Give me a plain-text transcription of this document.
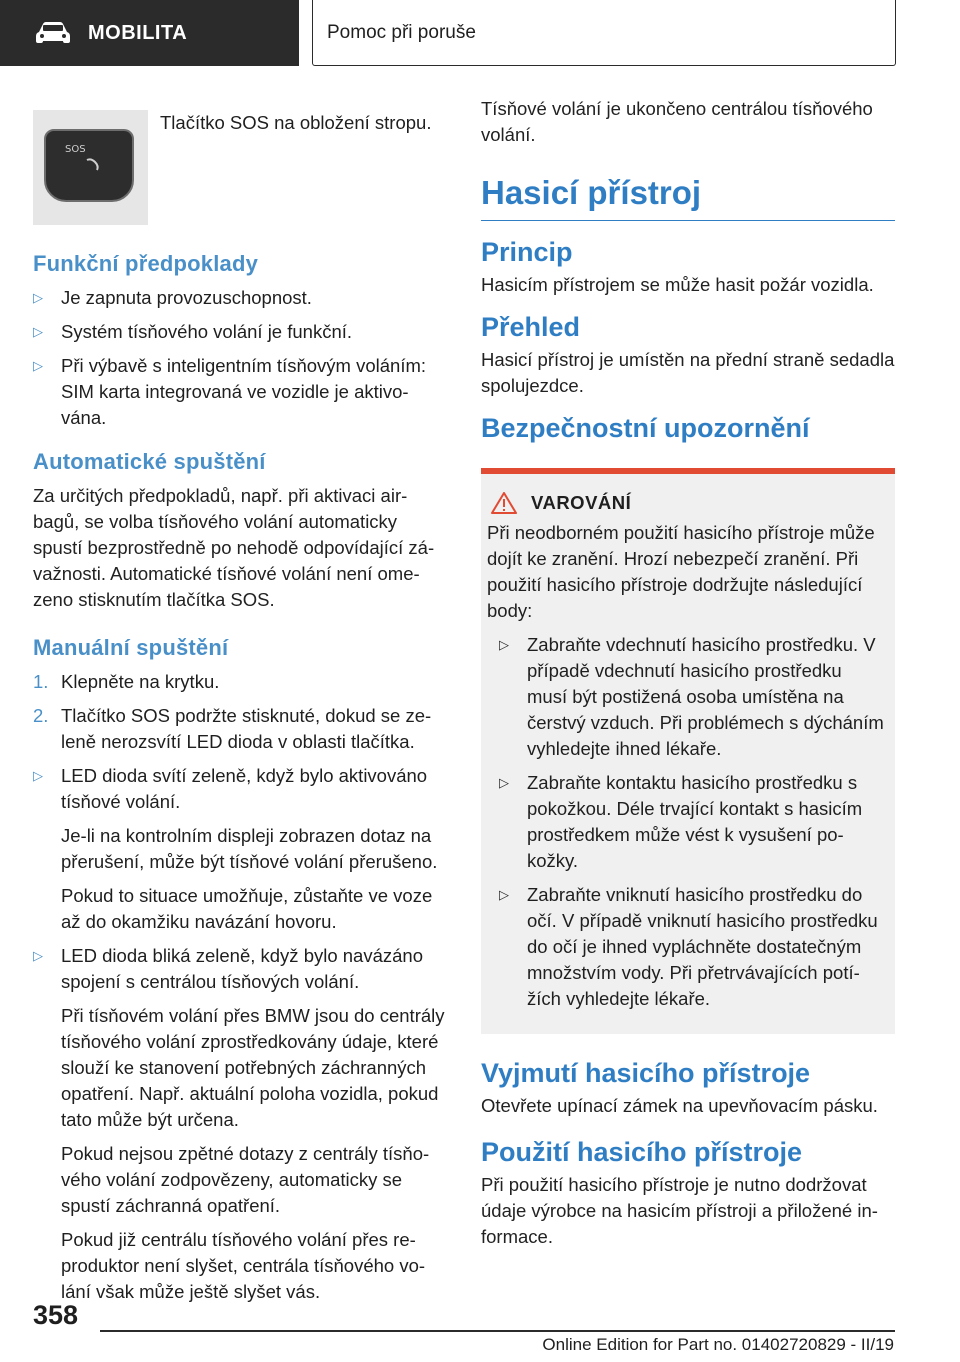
MOBILITA	Pomoc při poruše
SOS
Tlačítko SOS na obložení stropu.
Funkční předpoklady
▷ Je zapnuta provozuschopnost.
▷ Systém tísňového volání je funkční.
▷ Při výbavě s inteligentním tísňovým voláním: SIM karta integrovaná ve vozidle je aktivována.
Automatické spuštění

Za určitých předpokladů, např. při aktivaci airbagů, se volba tísňového volání automaticky spustí bezprostředně po nehodě odpovídající závažnosti. Automatické tísňové volání není omezeno stisknutím tlačítka SOS.

Manuální spuštění
1. Klepněte na krytku.
2. Tlačítko SOS podržte stisknuté, dokud se zeleně nerozsvítí LED dioda v oblasti tlačítka.
▷ LED dioda svítí zeleně, když bylo aktivováno tísňové volání.

Je-li na kontrolním displeji zobrazen dotaz na přerušení, může být tísňové volání přerušeno.

Pokud to situace umožňuje, zůstaňte ve voze až do okamžiku navázání hovoru.

▷ LED dioda bliká zeleně, když bylo navázáno spojení s centrálou tísňových volání.

Při tísňovém volání přes BMW jsou do centrály tísňového volání zprostředkovány údaje, které slouží ke stanovení potřebných záchranných opatření. Např. aktuální poloha vozidla, pokud tato může být určena.

Pokud nejsou zpětné dotazy z centrály tísňového volání zodpovězeny, automaticky se spustí záchranná opatření.

Pokud již centrálu tísňového volání přes reproduktor není slyšet, centrála tísňového volání však může ještě slyšet vás.

Tísňové volání je ukončeno centrálou tísňového volání.

Hasicí přístroj
Princip

Hasicím přístrojem se může hasit požár vozidla.

Přehled

Hasicí přístroj je umístěn na přední straně sedadla spolujezdce.

Bezpečnostní upozornění
VAROVÁNÍ

Při neodborném použití hasicího přístroje může dojít ke zranění. Hrozí nebezpečí zranění. Při použití hasicího přístroje dodržujte následující body:

▷ Zabraňte vdechnutí hasicího prostředku. V případě vdechnutí hasicího prostředku musí být postižená osoba umístěna na čerstvý vzduch. Při problémech s dýcháním vyhledejte ihned lékaře.
▷ Zabraňte kontaktu hasicího prostředku s pokožkou. Déle trvající kontakt s hasicím prostředkem může vést k vysušení pokožky.
▷ Zabraňte vniknutí hasicího prostředku do očí. V případě vniknutí hasicího prostředku do očí je ihned vypláchněte dostatečným množstvím vody. Při přetrvávajících potížích vyhledejte lékaře.
Vyjmutí hasicího přístroje

Otevřete upínací zámek na upevňovacím pásku.

Použití hasicího přístroje

Při použití hasicího přístroje je nutno dodržovat údaje výrobce na hasicím přístroji a přiložené informace.

358
Online Edition for Part no. 01402720829 - II/19
